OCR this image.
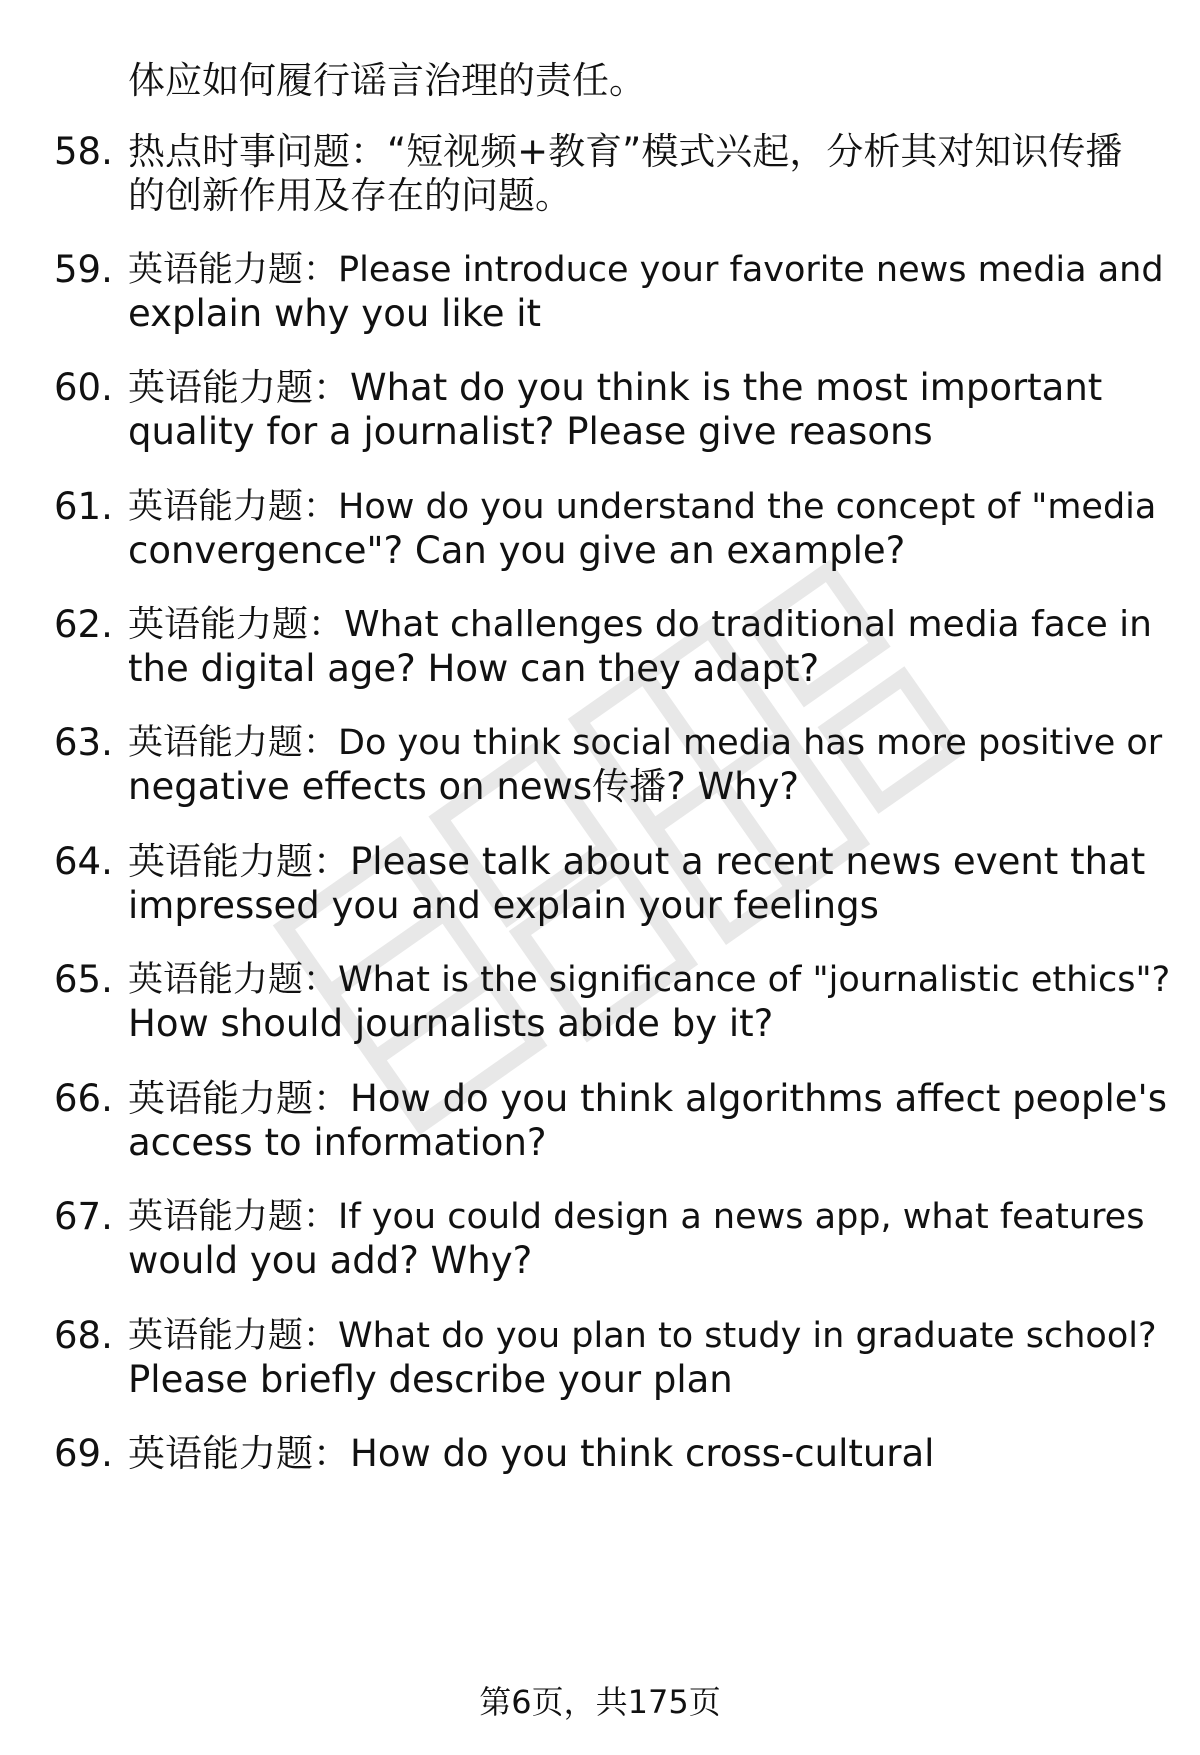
体应如何履行谣言治理的责任。
58. 热点时事问题：“短视频+教育”模式兴起，分析其对知识传播
的创新作用及存在的问题。
59. 英语能力题：Please introduce your favorite news media and
explain why you like it
60. 英语能力题：What do you think is the most important
quality for a journalist? Please give reasons
61. 英语能力题：How do you understand the concept of "media
convergence"? Can you give an example?
62. 英语能力题：What challenges do traditional media face in
the digital age? How can they adapt?
63. 英语能力题：Do you think social media has more positive or
negative effects on news传播? Why?
64. 英语能力题：Please talk about a recent news event that
impressed you and explain your feelings
65. 英语能力题：What is the significance of "journalistic ethics"?
How should journalists abide by it?
66. 英语能力题：How do you think algorithms affect people's
access to information?
67. 英语能力题：If you could design a news app, what features
would you add? Why?
68. 英语能力题：What do you plan to study in graduate school?
Please briefly describe your plan
69. 英语能力题：How do you think cross-cultural
第6页，共175页
